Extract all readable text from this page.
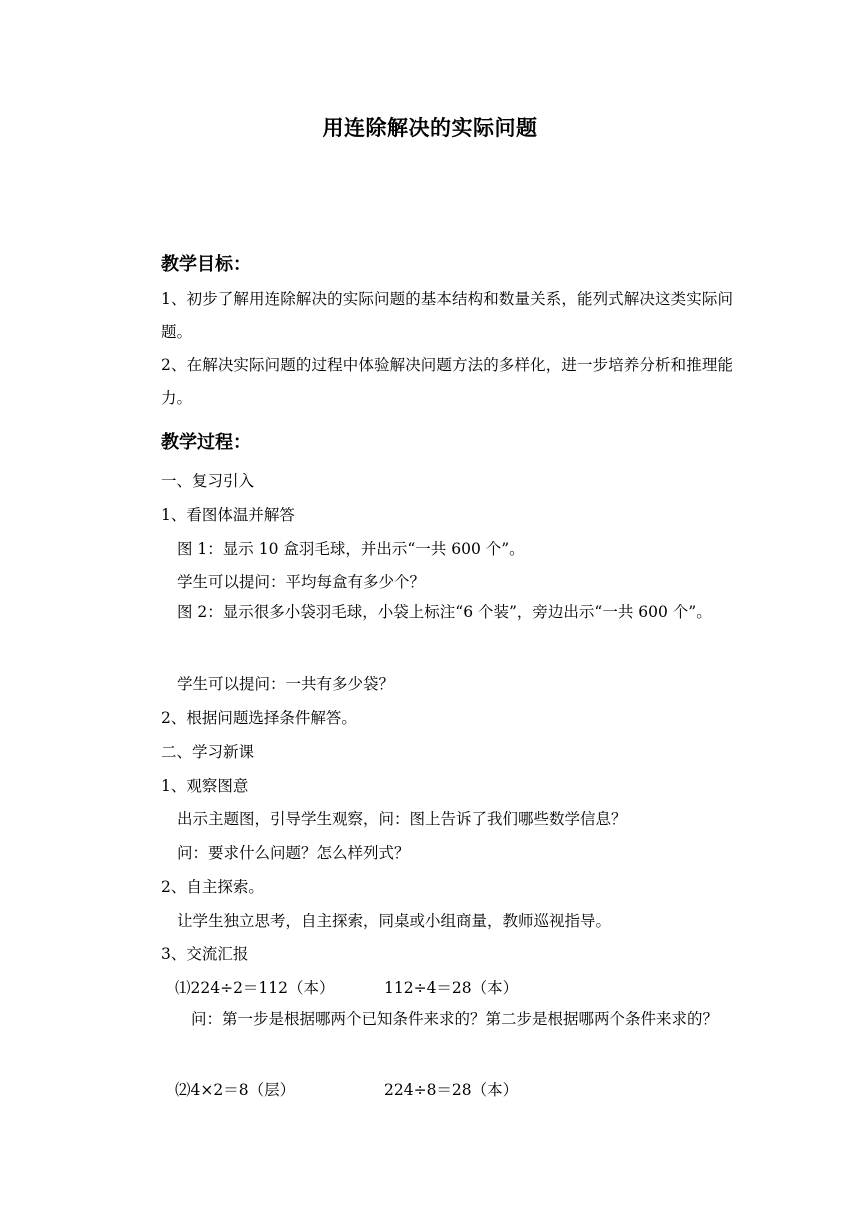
用连除解决的实际问题
教学目标：
1、初步了解用连除解决的实际问题的基本结构和数量关系，能列式解决这类实际问题。
2、在解决实际问题的过程中体验解决问题方法的多样化，进一步培养分析和推理能力。
教学过程：
一、复习引入
1、看图体温并解答
图 1：显示 10 盒羽毛球，并出示“一共 600 个”。
学生可以提问：平均每盒有多少个？
图 2：显示很多小袋羽毛球，小袋上标注“6 个装”，旁边出示“一共 600 个”。
学生可以提问：一共有多少袋？
2、根据问题选择条件解答。
二、学习新课
1、观察图意
出示主题图，引导学生观察，问：图上告诉了我们哪些数学信息？
问：要求什么问题？怎么样列式？
2、自主探索。
让学生独立思考，自主探索，同桌或小组商量，教师巡视指导。
3、交流汇报
⑴224÷2＝112（本）	112÷4＝28（本）
问：第一步是根据哪两个已知条件来求的？第二步是根据哪两个条件来求的？
⑵4×2＝8（层）	224÷8＝28（本）
